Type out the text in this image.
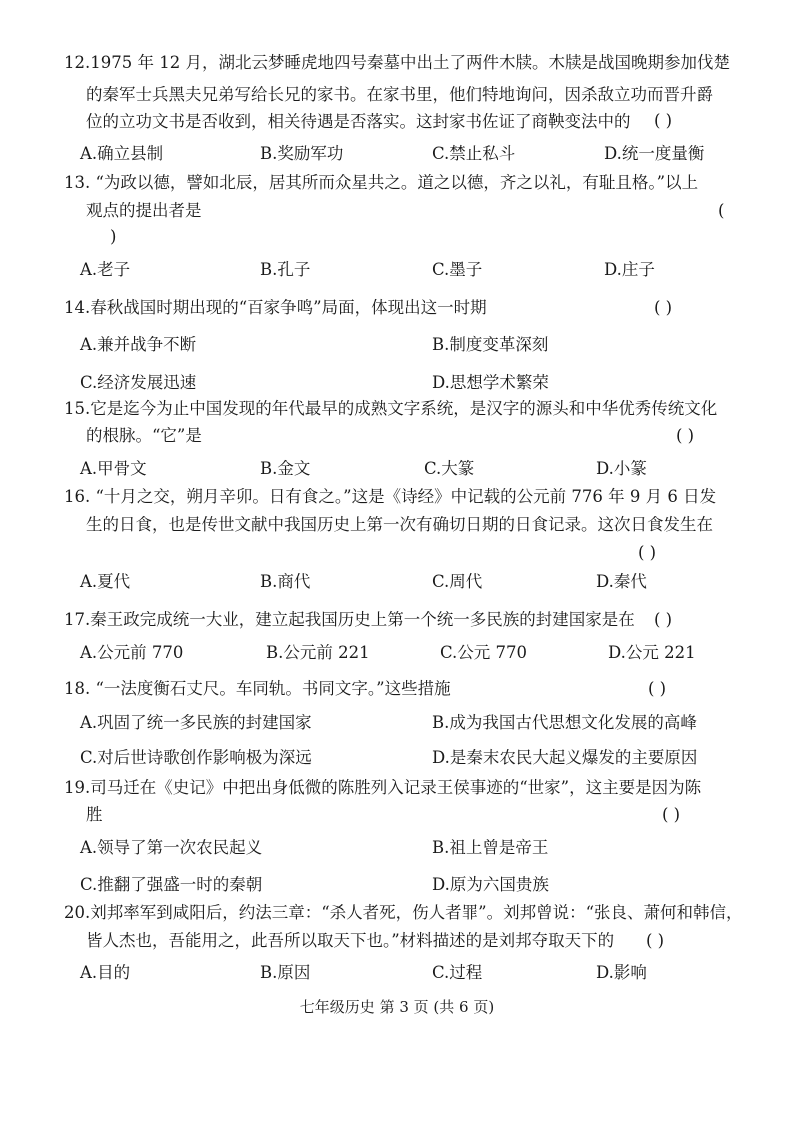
12.1975 年 12 月，湖北云梦睡虎地四号秦墓中出土了两件木牍。木牍是战国晚期参加伐楚
的秦军士兵黑夫兄弟写给长兄的家书。在家书里，他们特地询问，因杀敌立功而晋升爵
位的立功文书是否收到，相关待遇是否落实。这封家书佐证了商鞅变法中的 ( )
A.确立县制	B.奖励军功	C.禁止私斗	D.统一度量衡
13. “为政以德，譬如北辰，居其所而众星共之。道之以德，齐之以礼，有耻且格。”以上
观点的提出者是	(
)
A.老子	B.孔子	C.墨子	D.庄子
14.春秋战国时期出现的“百家争鸣”局面，体现出这一时期	( )
A.兼并战争不断	B.制度变革深刻
C.经济发展迅速	D.思想学术繁荣
15.它是迄今为止中国发现的年代最早的成熟文字系统，是汉字的源头和中华优秀传统文化
的根脉。“它”是	( )
A.甲骨文	B.金文	C.大篆	D.小篆
16. “十月之交，朔月辛卯。日有食之。”这是《诗经》中记载的公元前 776 年 9 月 6 日发
生的日食，也是传世文献中我国历史上第一次有确切日期的日食记录。这次日食发生在
( )
A.夏代	B.商代	C.周代	D.秦代
17.秦王政完成统一大业，建立起我国历史上第一个统一多民族的封建国家是在 ( )
A.公元前 770	B.公元前 221	C.公元 770	D.公元 221
18. “一法度衡石丈尺。车同轨。书同文字。”这些措施	( )
A.巩固了统一多民族的封建国家	B.成为我国古代思想文化发展的高峰
C.对后世诗歌创作影响极为深远	D.是秦末农民大起义爆发的主要原因
19.司马迁在《史记》中把出身低微的陈胜列入记录王侯事迹的“世家”，这主要是因为陈
胜	( )
A.领导了第一次农民起义	B.祖上曾是帝王
C.推翻了强盛一时的秦朝	D.原为六国贵族
20.刘邦率军到咸阳后，约法三章：“杀人者死，伤人者罪”。刘邦曾说：“张良、萧何和韩信，
皆人杰也，吾能用之，此吾所以取天下也。”材料描述的是刘邦夺取天下的 ( )
A.目的	B.原因	C.过程	D.影响
七年级历史 第 3 页 (共 6 页)
